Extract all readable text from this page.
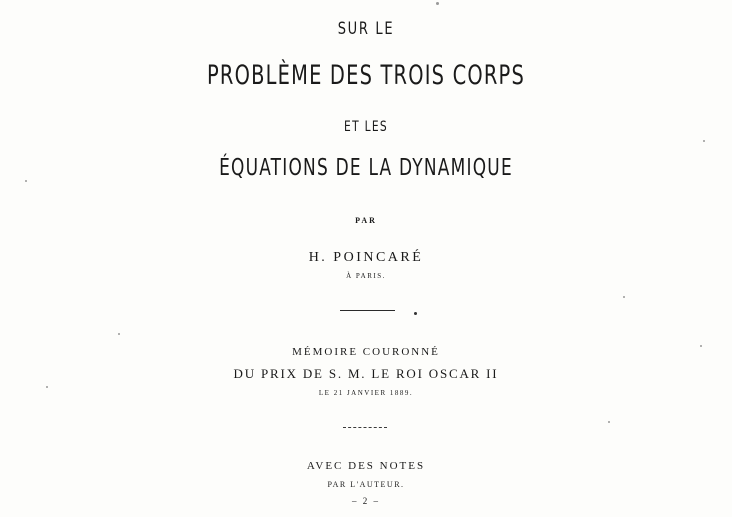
SUR LE
PROBLÈME DES TROIS CORPS
ET LES
ÉQUATIONS DE LA DYNAMIQUE
PAR
H. POINCARÉ
À PARIS.
MÉMOIRE COURONNÉ
DU PRIX DE S. M. LE ROI OSCAR II
LE 21 JANVIER 1889.
AVEC DES NOTES
PAR L'AUTEUR.
– 2 –
